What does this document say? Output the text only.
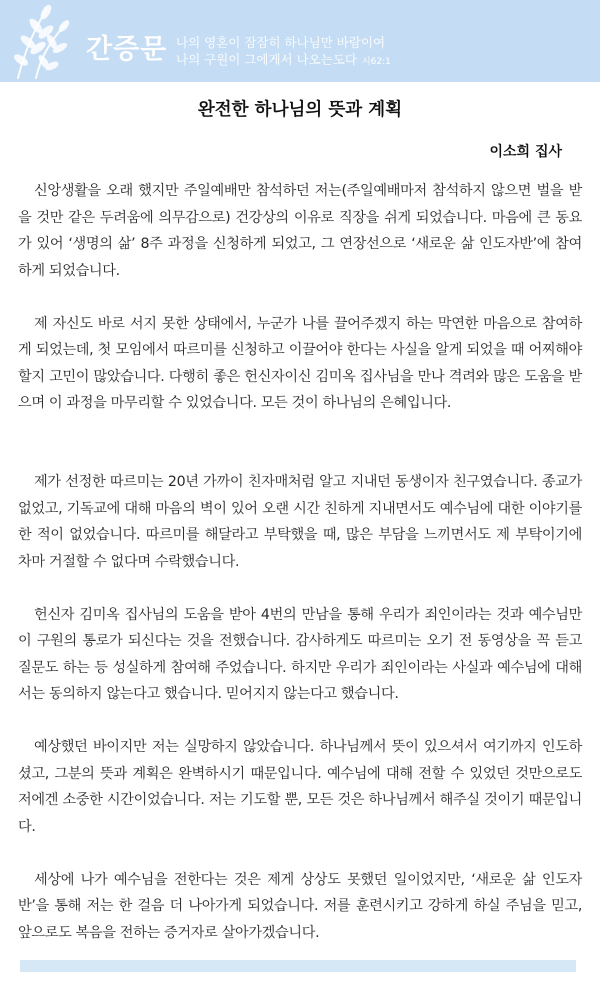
간증문 나의 영혼이 잠잠히 하나님만 바람이여
나의 구원이 그에게서 나오는도다 시62:1
완전한 하나님의 뜻과 계획
이소희 집사

신앙생활을 오래 했지만 주일예배만 참석하던 저는(주일예배마저 참석하지 않으면 벌을 받을 것만 같은 두려움에 의무감으로) 건강상의 이유로 직장을 쉬게 되었습니다. 마음에 큰 동요가 있어 ‘생명의 삶’ 8주 과정을 신청하게 되었고, 그 연장선으로 ‘새로운 삶 인도자반’에 참여하게 되었습니다.

제 자신도 바로 서지 못한 상태에서, 누군가 나를 끌어주겠지 하는 막연한 마음으로 참여하게 되었는데, 첫 모임에서 따르미를 신청하고 이끌어야 한다는 사실을 알게 되었을 때 어찌해야 할지 고민이 많았습니다. 다행히 좋은 헌신자이신 김미옥 집사님을 만나 격려와 많은 도움을 받으며 이 과정을 마무리할 수 있었습니다. 모든 것이 하나님의 은혜입니다.

제가 선정한 따르미는 20년 가까이 친자매처럼 알고 지내던 동생이자 친구였습니다. 종교가 없었고, 기독교에 대해 마음의 벽이 있어 오랜 시간 친하게 지내면서도 예수님에 대한 이야기를 한 적이 없었습니다. 따르미를 해달라고 부탁했을 때, 많은 부담을 느끼면서도 제 부탁이기에 차마 거절할 수 없다며 수락했습니다.

헌신자 김미옥 집사님의 도움을 받아 4번의 만남을 통해 우리가 죄인이라는 것과 예수님만이 구원의 통로가 되신다는 것을 전했습니다. 감사하게도 따르미는 오기 전 동영상을 꼭 듣고 질문도 하는 등 성실하게 참여해 주었습니다. 하지만 우리가 죄인이라는 사실과 예수님에 대해서는 동의하지 않는다고 했습니다. 믿어지지 않는다고 했습니다.

예상했던 바이지만 저는 실망하지 않았습니다. 하나님께서 뜻이 있으셔서 여기까지 인도하셨고, 그분의 뜻과 계획은 완벽하시기 때문입니다. 예수님에 대해 전할 수 있었던 것만으로도 저에겐 소중한 시간이었습니다. 저는 기도할 뿐, 모든 것은 하나님께서 해주실 것이기 때문입니다.

세상에 나가 예수님을 전한다는 것은 제게 상상도 못했던 일이었지만, ‘새로운 삶 인도자반’을 통해 저는 한 걸음 더 나아가게 되었습니다. 저를 훈련시키고 강하게 하실 주님을 믿고, 앞으로도 복음을 전하는 증거자로 살아가겠습니다.
